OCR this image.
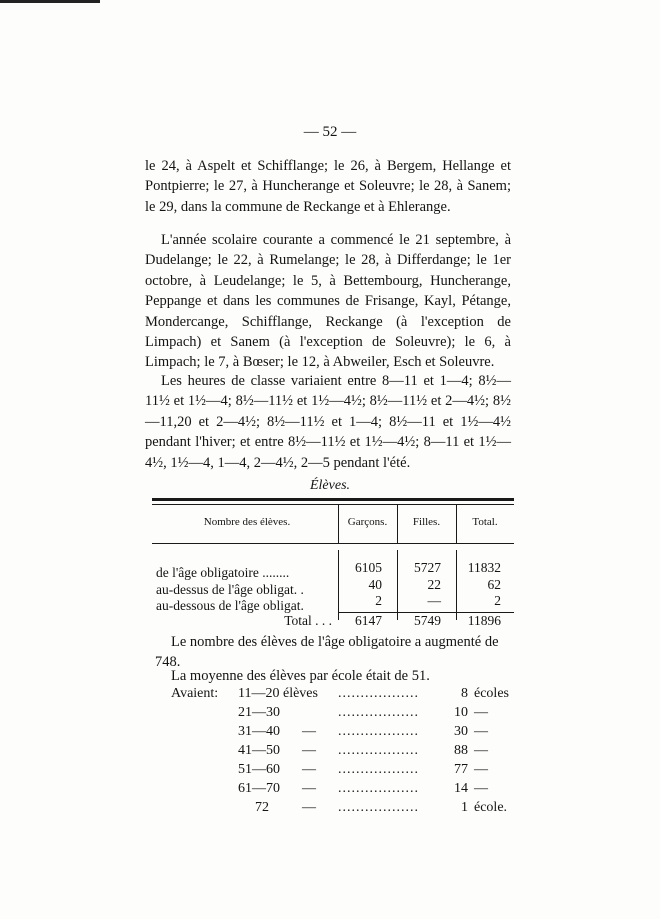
— 52 —

le 24, à Aspelt et Schifflange; le 26, à Bergem, Hellange et Pontpierre; le 27, à Huncherange et Soleuvre; le 28, à Sanem; le 29, dans la commune de Reckange et à Ehlerange.

L'année scolaire courante a commencé le 21 septembre, à Dudelange; le 22, à Rumelange; le 28, à Differdange; le 1er octobre, à Leudelange; le 5, à Bettembourg, Huncherange, Peppange et dans les communes de Frisange, Kayl, Pétange, Mondercange, Schifflange, Reckange (à l'exception de Limpach) et Sanem (à l'exception de Soleuvre); le 6, à Limpach; le 7, à Bœser; le 12, à Abweiler, Esch et Soleuvre.

Les heures de classe variaient entre 8—11 et 1—4; 8½—11½ et 1½—4; 8½—11½ et 1½—4½; 8½—11½ et 2—4½; 8½—11,20 et 2—4½; 8½—11½ et 1—4; 8½—11 et 1½—4½ pendant l'hiver; et entre 8½—11½ et 1½—4½; 8—11 et 1½—4½, 1½—4, 1—4, 2—4½, 2—5 pendant l'été.

Élèves.
Nombre des élèves.	Garçons.	Filles.	Total.
de l'âge obligatoire ........	6105	5727	11832
au-dessus de l'âge obligat. .	40	22	62
au-dessous de l'âge obligat.	2	—	2
Total . . .	6147	5749	11896

Le nombre des élèves de l'âge obligatoire a augmenté de 748.

La moyenne des élèves par école était de 51.

Avaient: 11—20 élèves	..................	8 écoles
21—30	..................	10 —
31—40	— ..................	30 —
41—50	— ..................	88 —
51—60	— ..................	77 —
61—70	— ..................	14 —
72	— ..................	1 école.
